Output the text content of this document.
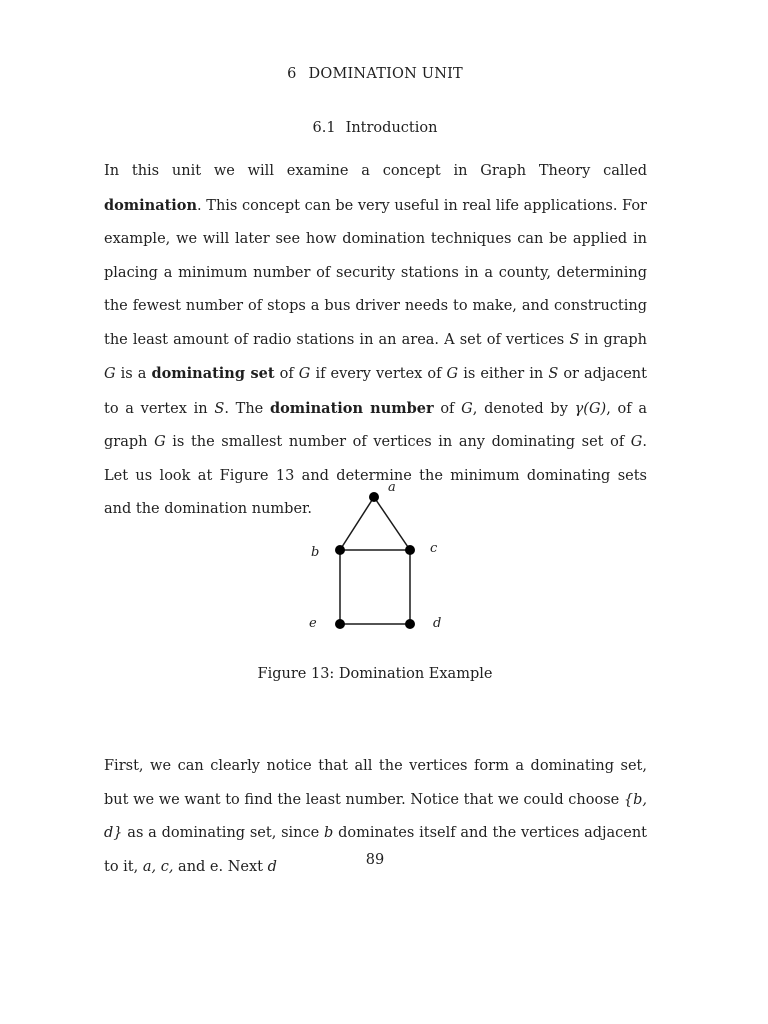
6 DOMINATION UNIT
6.1 Introduction

In this unit we will examine a concept in Graph Theory called domination. This concept can be very useful in real life applications. For example, we will later see how domination techniques can be applied in placing a minimum number of security stations in a county, determining the fewest number of stops a bus driver needs to make, and constructing the least amount of radio stations in an area. A set of vertices S in graph G is a dominating set of G if every vertex of G is either in S or adjacent to a vertex in S. The domination number of G, denoted by γ(G), of a graph G is the smallest number of vertices in any dominating set of G. Let us look at Figure 13 and determine the minimum dominating sets and the domination number.

a
b	c
d
e
Figure 13: Domination Example

First, we can clearly notice that all the vertices form a dominating set, but we we want to find the least number. Notice that we could choose {b, d} as a dominating set, since b dominates itself and the vertices adjacent to it, a, c, and e. Next d	89
